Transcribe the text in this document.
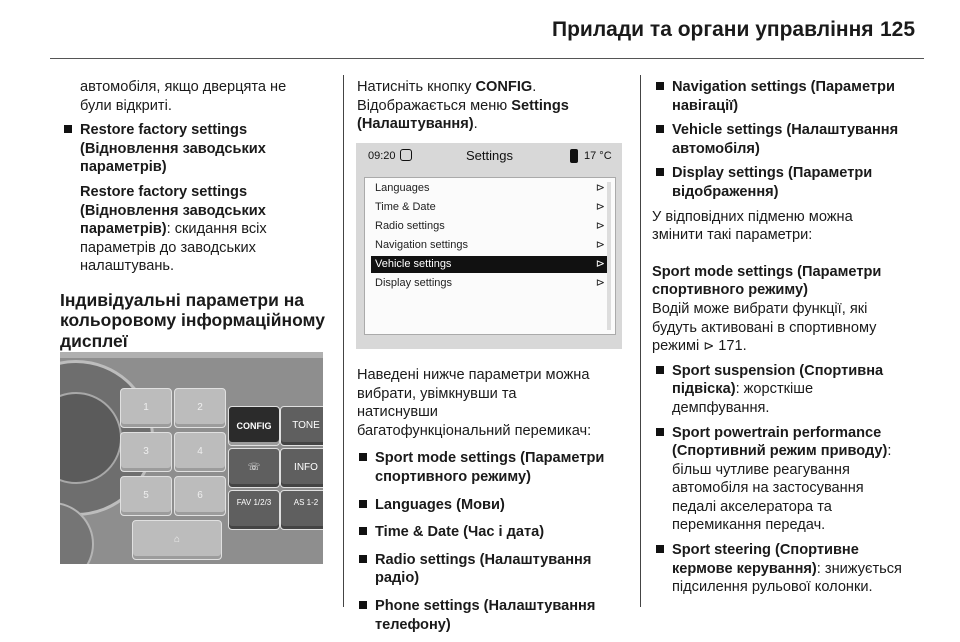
Прилади та органи управління 125

автомобіля, якщо дверцята не
були відкриті.

Restore factory settings
(Відновлення заводських
параметрів)

Restore factory settings
(Відновлення заводських
параметрів): скидання всіх
параметрів до заводських
налаштувань.

Індивідуальні параметри на
кольоровому інформаційному
дисплеї

1	2
3	4
5	6
⌂
CONFIG	TONE
☏	INFO
FAV 1/2/3	AS 1-2

Натисніть кнопку CONFIG.
Відображається меню Settings
(Налаштування).

09:20	Settings	17 °C
Languages	⊳
Time & Date	⊳
Radio settings	⊳
Navigation settings	⊳
Vehicle settings	⊳
Display settings	⊳

Наведені нижче параметри можна
вибрати, увімкнувши та
натиснувши
багатофункціональний перемикач:

Sport mode settings (Параметри
спортивного режиму)

Languages (Мови)

Time & Date (Час і дата)

Radio settings (Налаштування
радіо)

Phone settings (Налаштування
телефону)

Navigation settings (Параметри
навігації)

Vehicle settings (Налаштування
автомобіля)

Display settings (Параметри
відображення)

У відповідних підменю можна
змінити такі параметри:

Sport mode settings (Параметри
спортивного режиму)

Водій може вибрати функції, які
будуть активовані в спортивному
режимі ⊳ 171.

Sport suspension (Спортивна
підвіска): жорсткіше
демпфування.

Sport powertrain performance
(Спортивний режим приводу):
більш чутливе реагування
автомобіля на застосування
педалі акселератора та
перемикання передач.

Sport steering (Спортивне
кермове керування): знижується
підсилення рульової колонки.
